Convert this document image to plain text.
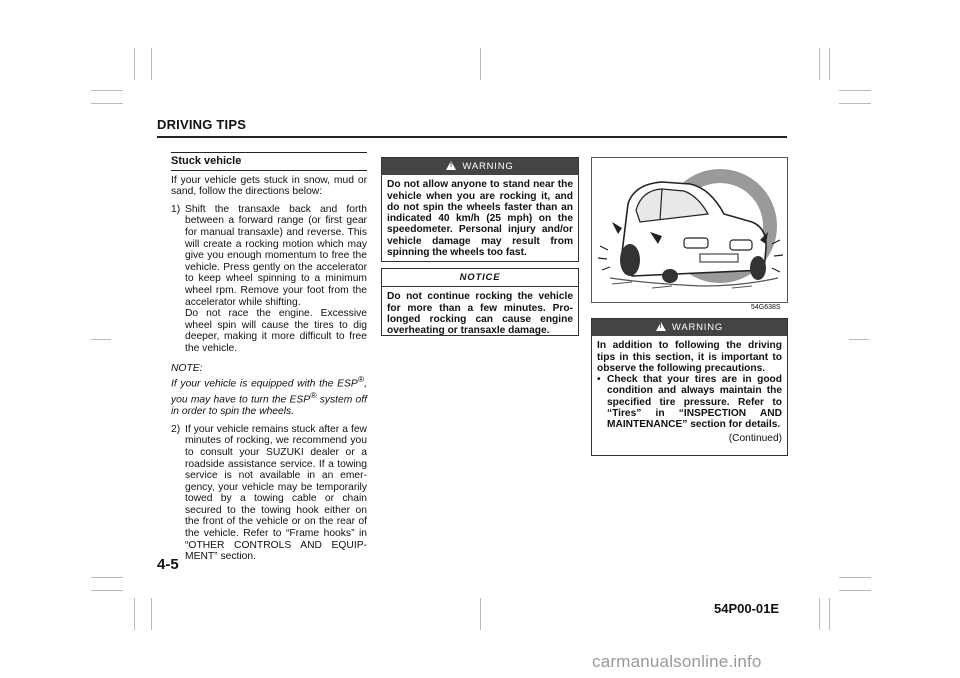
DRIVING TIPS
Stuck vehicle

If your vehicle gets stuck in snow, mud or sand, follow the directions below:

1) Shift the transaxle back and forth between a forward range (or first gear for manual transaxle) and reverse. This will create a rocking motion which may give you enough momentum to free the vehicle. Press gently on the accelerator to keep wheel spinning to a minimum wheel rpm. Remove your foot from the accelerator while shifting.
Do not race the engine. Excessive wheel spin will cause the tires to dig deeper, making it more difficult to free the vehicle.
NOTE:
If your vehicle is equipped with the ESP®, you may have to turn the ESP® system off in order to spin the wheels.
2) If your vehicle remains stuck after a few minutes of rocking, we recommend you to consult your SUZUKI dealer or a roadside assistance service. If a towing service is not available in an emer-gency, your vehicle may be temporarily towed by a towing cable or chain secured to the towing hook either on the front of the vehicle or on the rear of the vehicle. Refer to “Frame hooks” in “OTHER CONTROLS AND EQUIP-MENT” section.
!WARNING
Do not allow anyone to stand near the vehicle when you are rocking it, and do not spin the wheels faster than an indicated 40 km/h (25 mph) on the speedometer. Personal injury and/or vehicle damage may result from spinning the wheels too fast.
NOTICE
Do not continue rocking the vehicle for more than a few minutes. Pro-longed rocking can cause engine overheating or transaxle damage.
54G638S
!WARNING
In addition to following the driving tips in this section, it is important to observe the following precautions.
• Check that your tires are in good condition and always maintain the specified tire pressure. Refer to “Tires” in “INSPECTION AND MAINTENANCE” section for details.
(Continued)
4-5
54P00-01E
carmanualsonline.info
